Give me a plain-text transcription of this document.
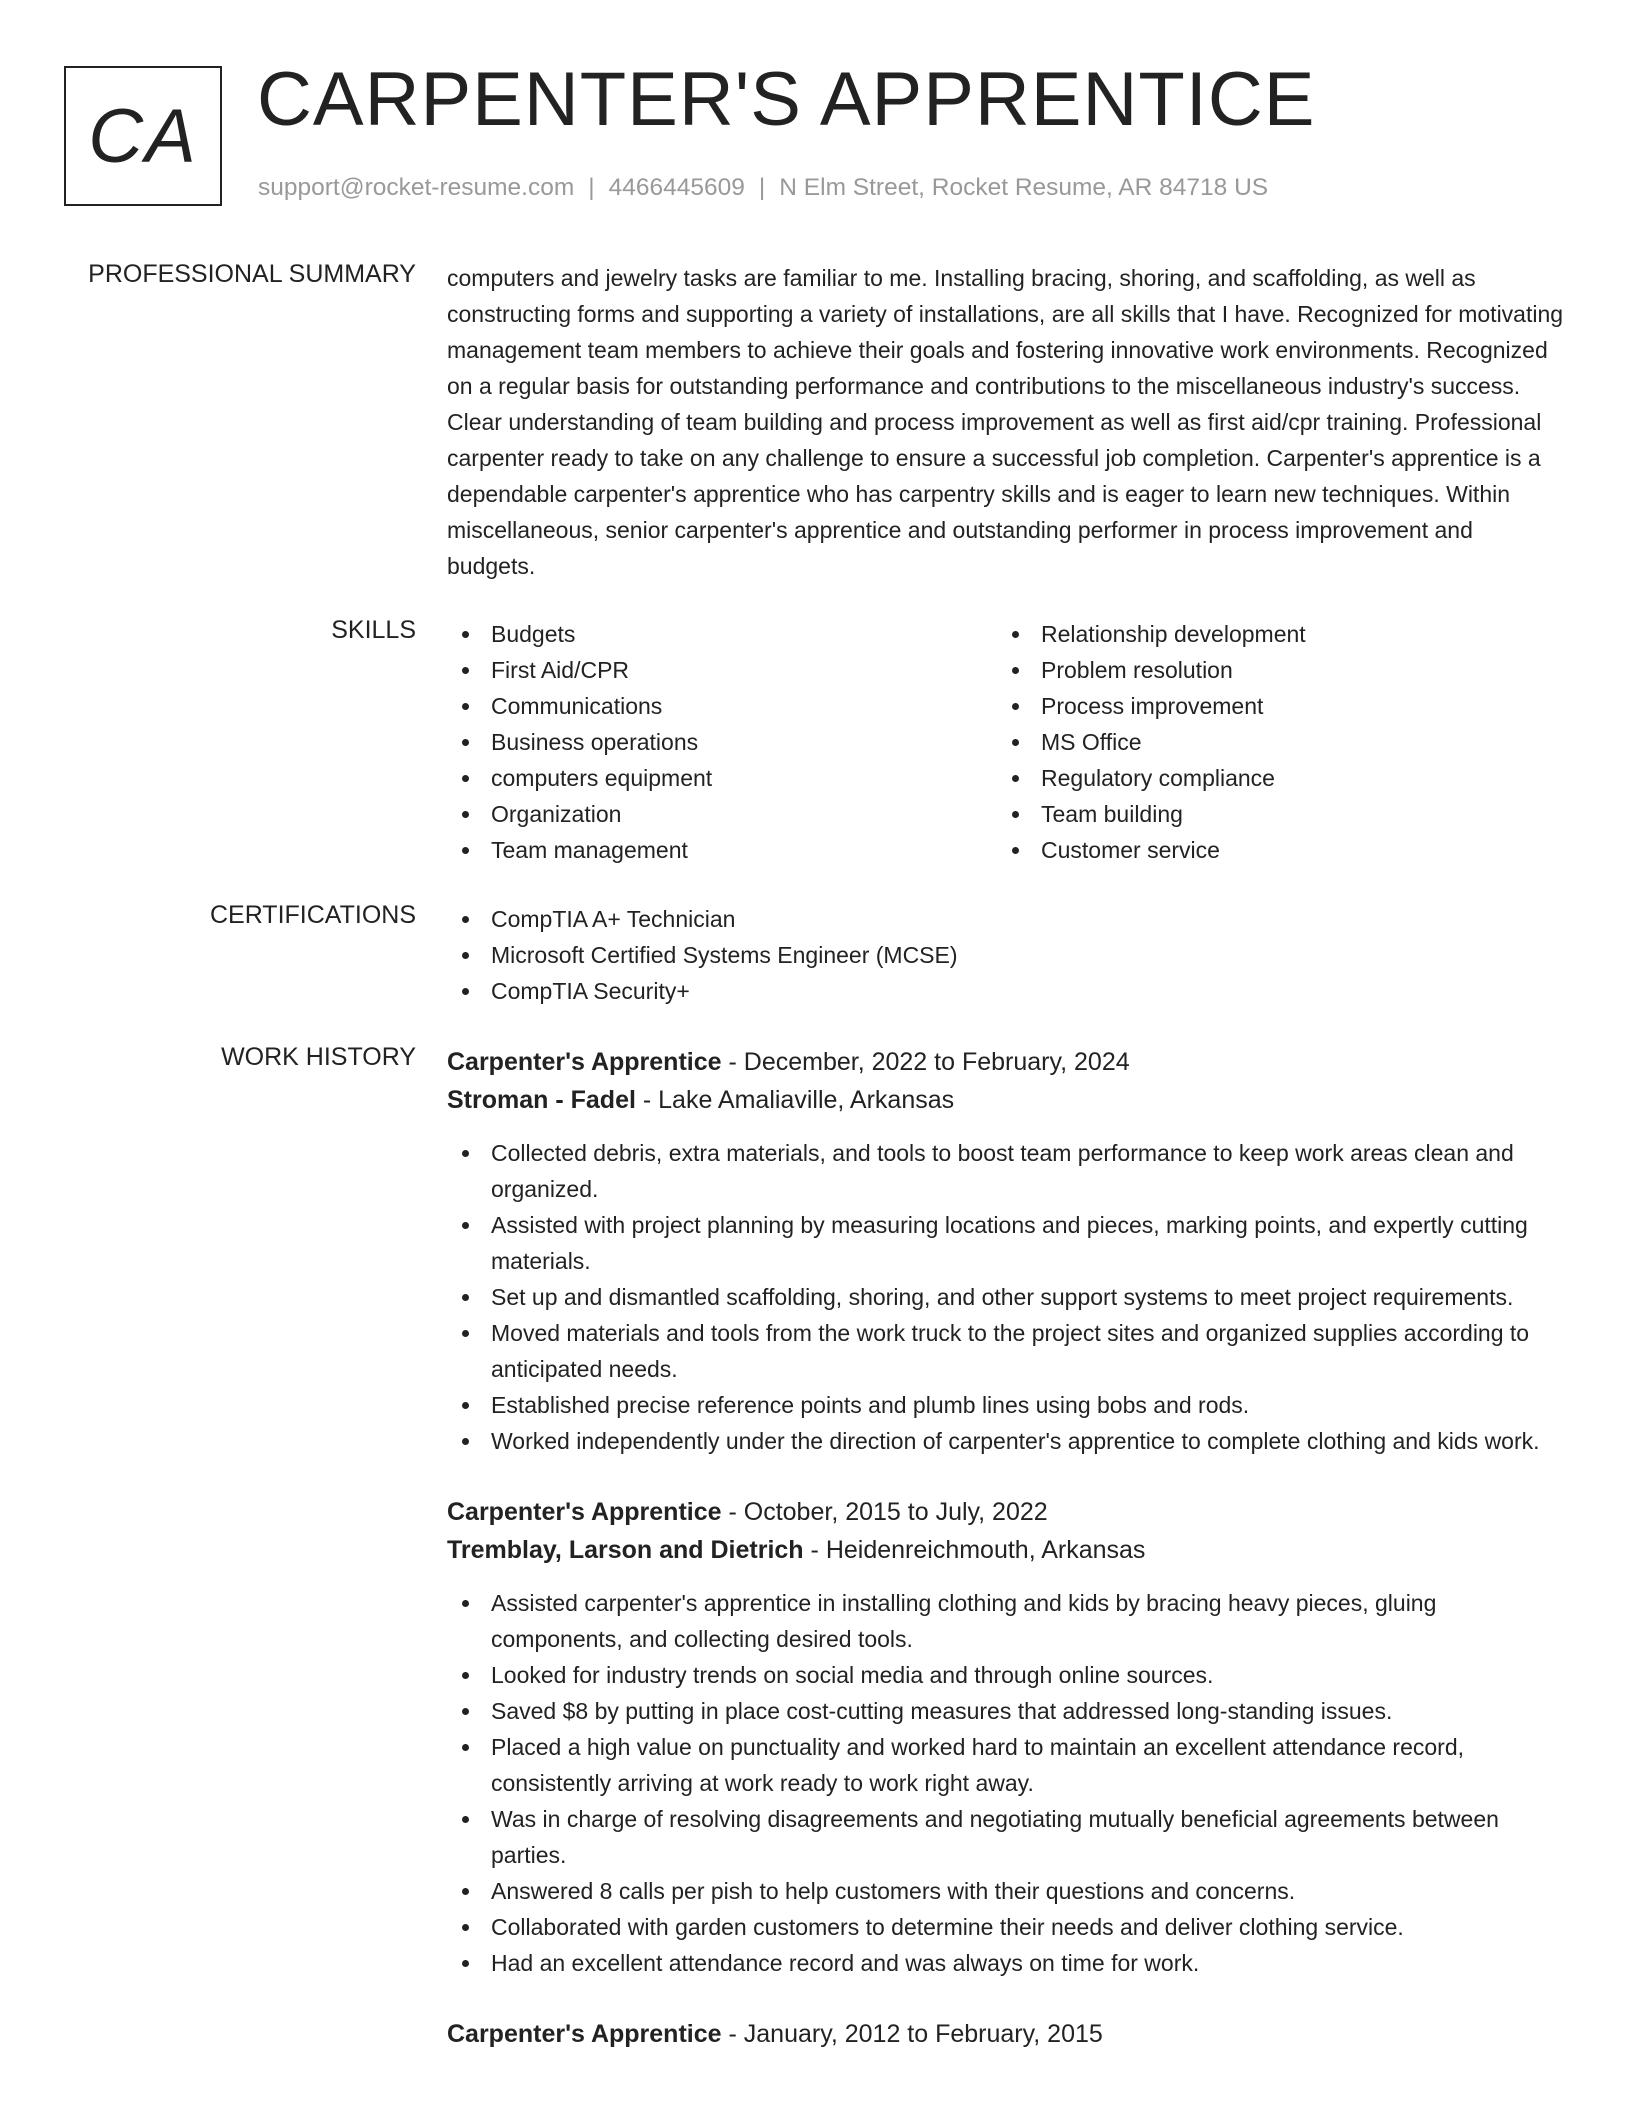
CA CARPENTER'S APPRENTICE
support@rocket-resume.com | 4466445609 | N Elm Street, Rocket Resume, AR 84718 US
PROFESSIONAL SUMMARY computers and jewelry tasks are familiar to me. Installing bracing, shoring, and scaffolding, as well as constructing forms and supporting a variety of installations, are all skills that I have. Recognized for motivating management team members to achieve their goals and fostering innovative work environments. Recognized on a regular basis for outstanding performance and contributions to the miscellaneous industry's success. Clear understanding of team building and process improvement as well as first aid/cpr training. Professional carpenter ready to take on any challenge to ensure a successful job completion. Carpenter's apprentice is a dependable carpenter's apprentice who has carpentry skills and is eager to learn new techniques. Within miscellaneous, senior carpenter's apprentice and outstanding performer in process improvement and budgets.

SKILLS	Budgets
First Aid/CPR
Communications
Business operations
computers equipment
Organization
Team management
Relationship development
Problem resolution
Process improvement
MS Office
Regulatory compliance
Team building
Customer service
CERTIFICATIONS	CompTIA A+ Technician
Microsoft Certified Systems Engineer (MCSE)
CompTIA Security+
WORK HISTORY Carpenter's Apprentice - December, 2022 to February, 2024
Stroman - Fadel - Lake Amaliaville, Arkansas
Collected debris, extra materials, and tools to boost team performance to keep work areas clean and organized.
Assisted with project planning by measuring locations and pieces, marking points, and expertly cutting materials.
Set up and dismantled scaffolding, shoring, and other support systems to meet project requirements.
Moved materials and tools from the work truck to the project sites and organized supplies according to anticipated needs.
Established precise reference points and plumb lines using bobs and rods.
Worked independently under the direction of carpenter's apprentice to complete clothing and kids work.
Carpenter's Apprentice - October, 2015 to July, 2022
Tremblay, Larson and Dietrich - Heidenreichmouth, Arkansas
Assisted carpenter's apprentice in installing clothing and kids by bracing heavy pieces, gluing components, and collecting desired tools.
Looked for industry trends on social media and through online sources.
Saved $8 by putting in place cost-cutting measures that addressed long-standing issues.
Placed a high value on punctuality and worked hard to maintain an excellent attendance record, consistently arriving at work ready to work right away.
Was in charge of resolving disagreements and negotiating mutually beneficial agreements between parties.
Answered 8 calls per pish to help customers with their questions and concerns.
Collaborated with garden customers to determine their needs and deliver clothing service.
Had an excellent attendance record and was always on time for work.
Carpenter's Apprentice - January, 2012 to February, 2015
